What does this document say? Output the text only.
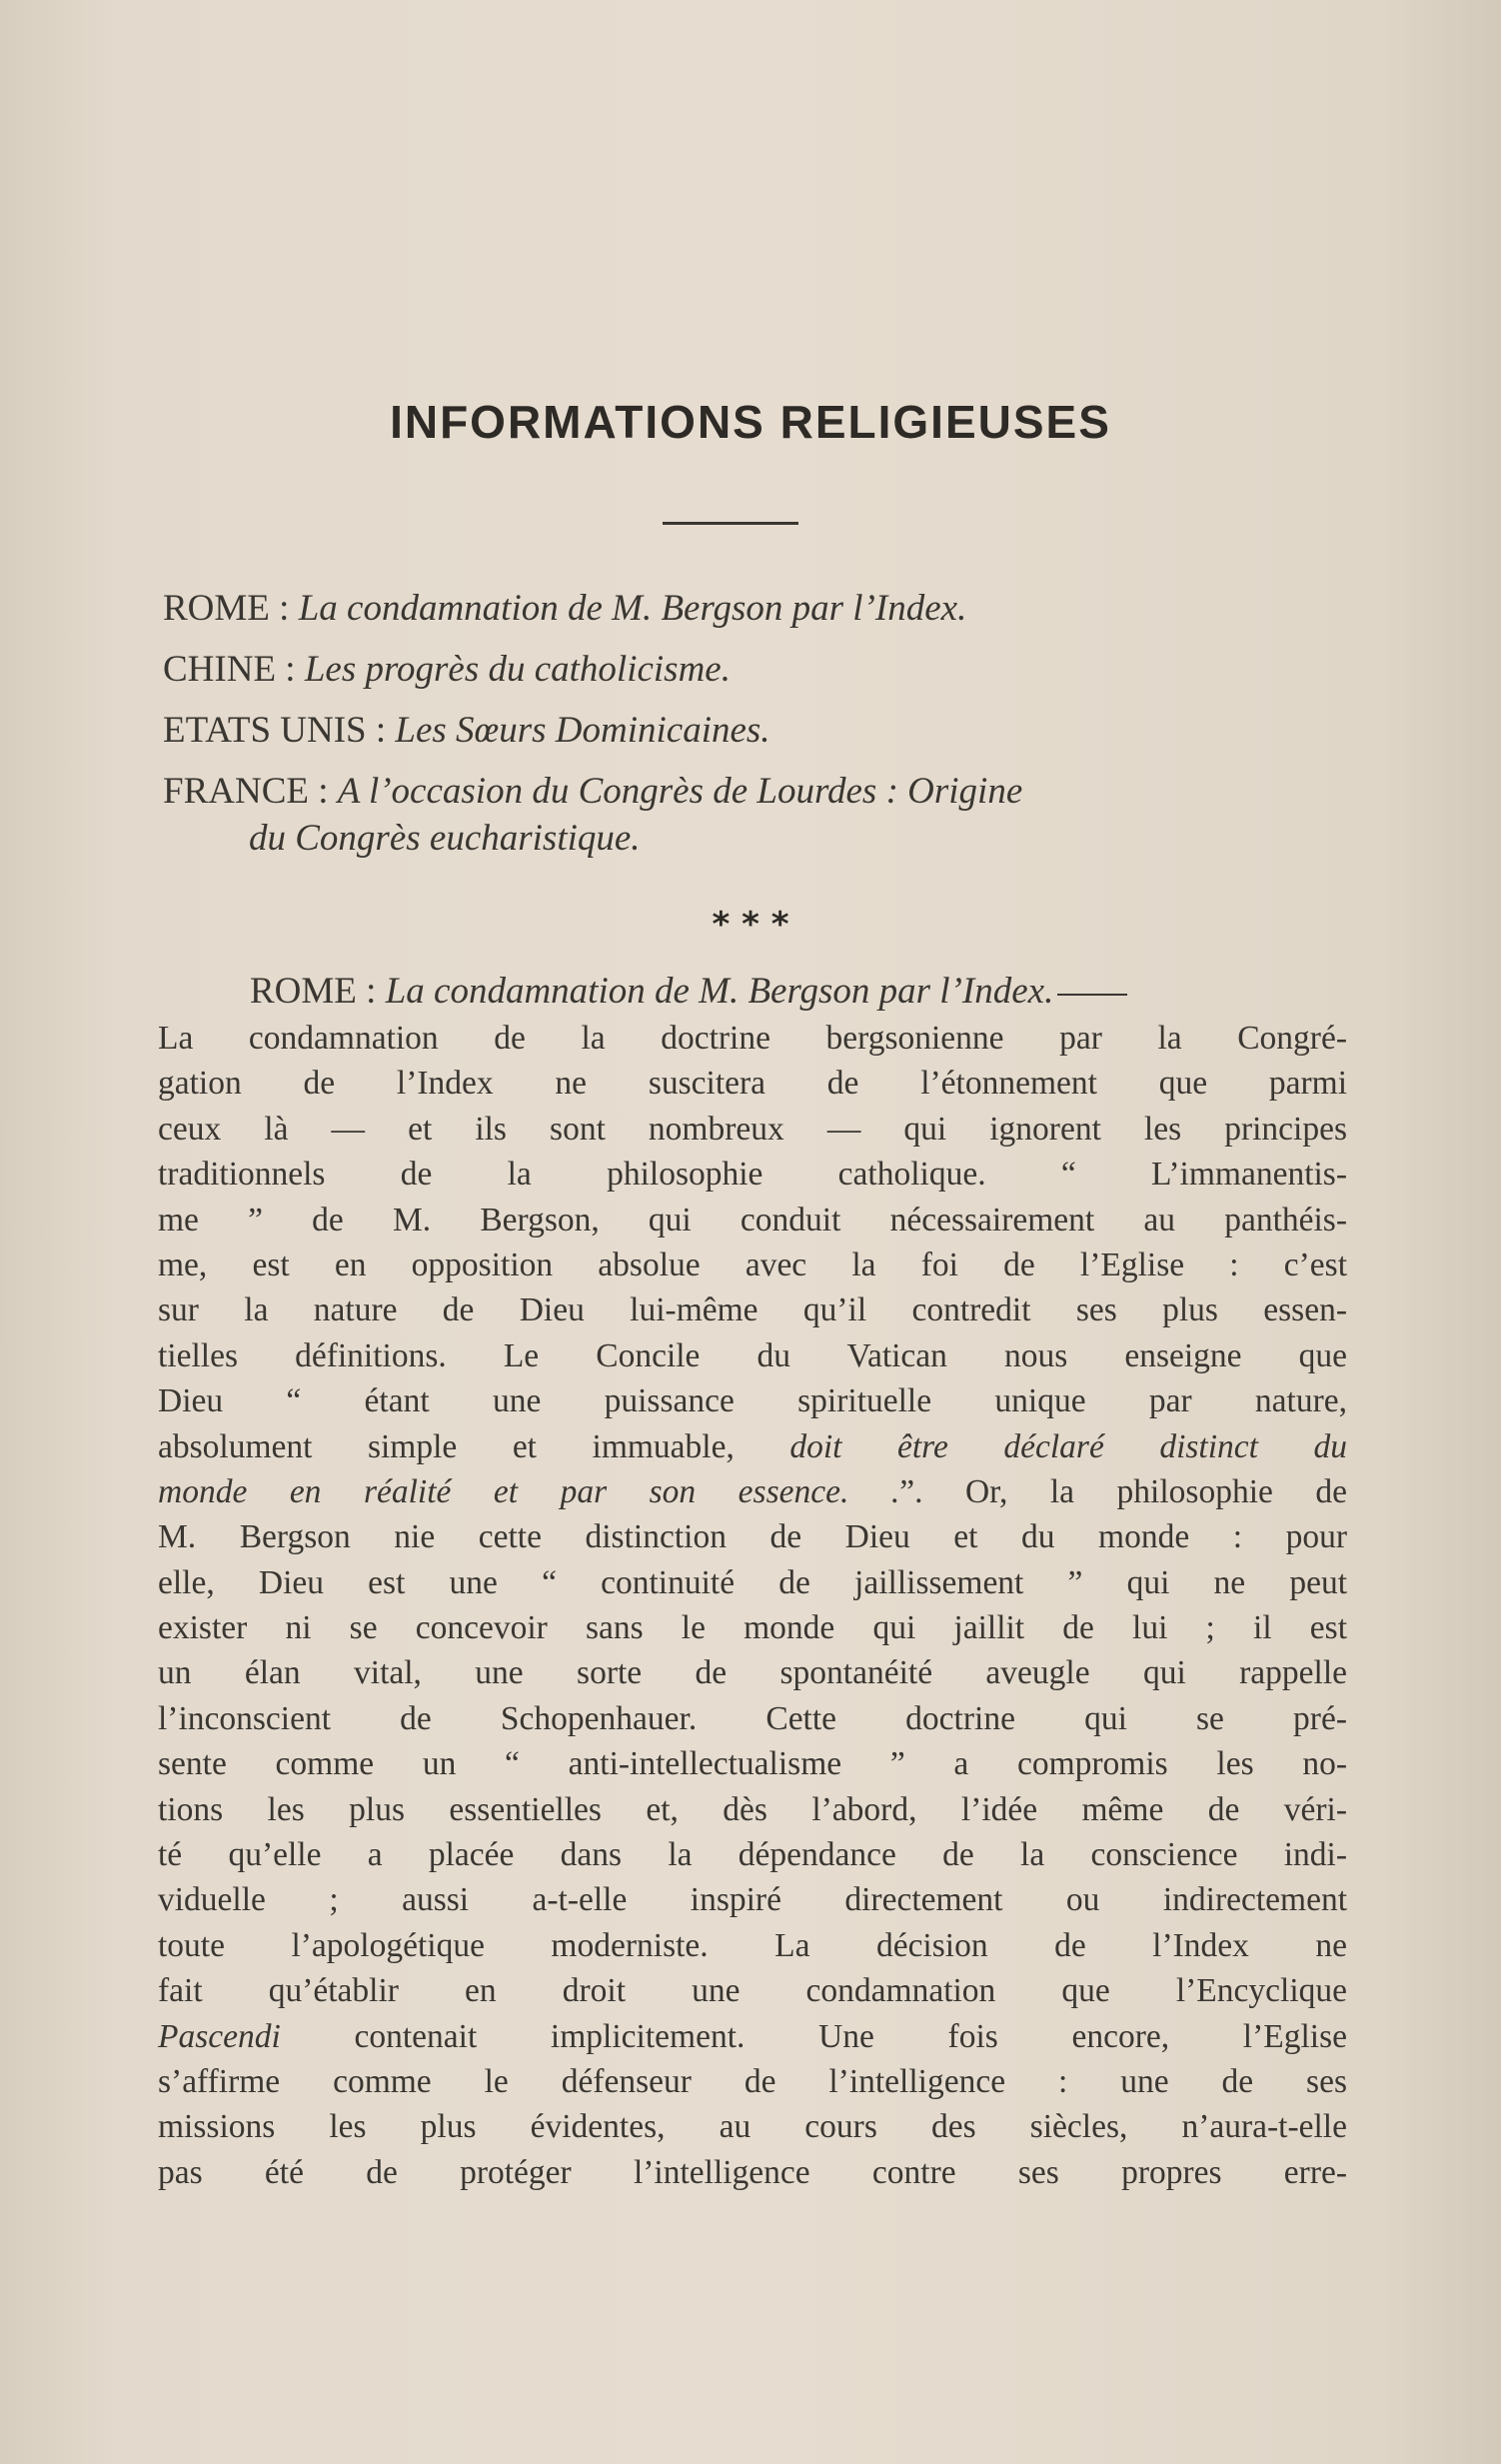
INFORMATIONS RELIGIEUSES
ROME : La condamnation de M. Bergson par l’Index.
CHINE : Les progrès du catholicisme.
ETATS UNIS : Les Sœurs Dominicaines.
FRANCE : A l’occasion du Congrès de Lourdes : Origine
du Congrès eucharistique.
* * *
ROME : La condamnation de M. Bergson par l’Index.
La condamnation de la doctrine bergsonienne par la Congré-
gation de l’Index ne suscitera de l’étonnement que parmi
ceux là — et ils sont nombreux — qui ignorent les principes
traditionnels de la philosophie catholique. “ L’immanentis-
me ” de M. Bergson, qui conduit nécessairement au panthéis-
me, est en opposition absolue avec la foi de l’Eglise : c’est
sur la nature de Dieu lui-même qu’il contredit ses plus essen-
tielles définitions. Le Concile du Vatican nous enseigne que
Dieu “ étant une puissance spirituelle unique par nature,
absolument simple et immuable, doit être déclaré distinct du
monde en réalité et par son essence. .”. Or, la philosophie de
M. Bergson nie cette distinction de Dieu et du monde : pour
elle, Dieu est une “ continuité de jaillissement ” qui ne peut
exister ni se concevoir sans le monde qui jaillit de lui ; il est
un élan vital, une sorte de spontanéité aveugle qui rappelle
l’inconscient de Schopenhauer. Cette doctrine qui se pré-
sente comme un “ anti-intellectualisme ” a compromis les no-
tions les plus essentielles et, dès l’abord, l’idée même de véri-
té qu’elle a placée dans la dépendance de la conscience indi-
viduelle ; aussi a-t-elle inspiré directement ou indirectement
toute l’apologétique moderniste. La décision de l’Index ne
fait qu’établir en droit une condamnation que l’Encyclique
Pascendi contenait implicitement. Une fois encore, l’Eglise
s’affirme comme le défenseur de l’intelligence : une de ses
missions les plus évidentes, au cours des siècles, n’aura-t-elle
pas été de protéger l’intelligence contre ses propres erre-
